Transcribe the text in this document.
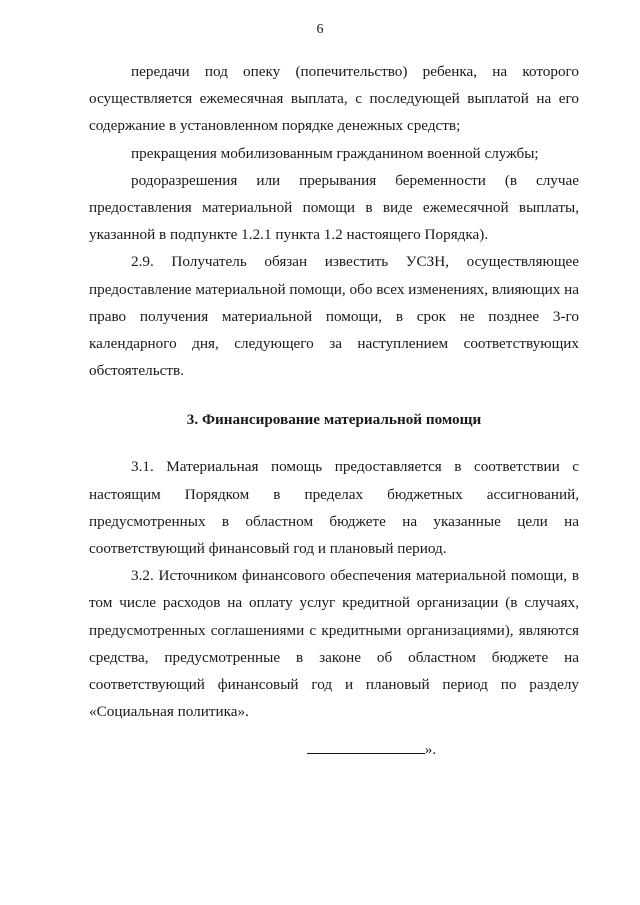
6

передачи под опеку (попечительство) ребенка, на которого осуществляется ежемесячная выплата, с последующей выплатой на его содержание в установленном порядке денежных средств;

прекращения мобилизованным гражданином военной службы;

родоразрешения или прерывания беременности (в случае предоставления материальной помощи в виде ежемесячной выплаты, указанной в подпункте 1.2.1 пункта 1.2 настоящего Порядка).

2.9. Получатель обязан известить УСЗН, осуществляющее предоставление материальной помощи, обо всех изменениях, влияющих на право получения материальной помощи, в срок не позднее 3-го календарного дня, следующего за наступлением соответствующих обстоятельств.

3. Финансирование материальной помощи

3.1. Материальная помощь предоставляется в соответствии с настоящим Порядком в пределах бюджетных ассигнований, предусмотренных в областном бюджете на указанные цели на соответствующий финансовый год и плановый период.

3.2. Источником финансового обеспечения материальной помощи, в том числе расходов на оплату услуг кредитной организации (в случаях, предусмотренных соглашениями с кредитными организациями), являются средства, предусмотренные в законе об областном бюджете на соответствующий финансовый год и плановый период по разделу «Социальная политика».

».
